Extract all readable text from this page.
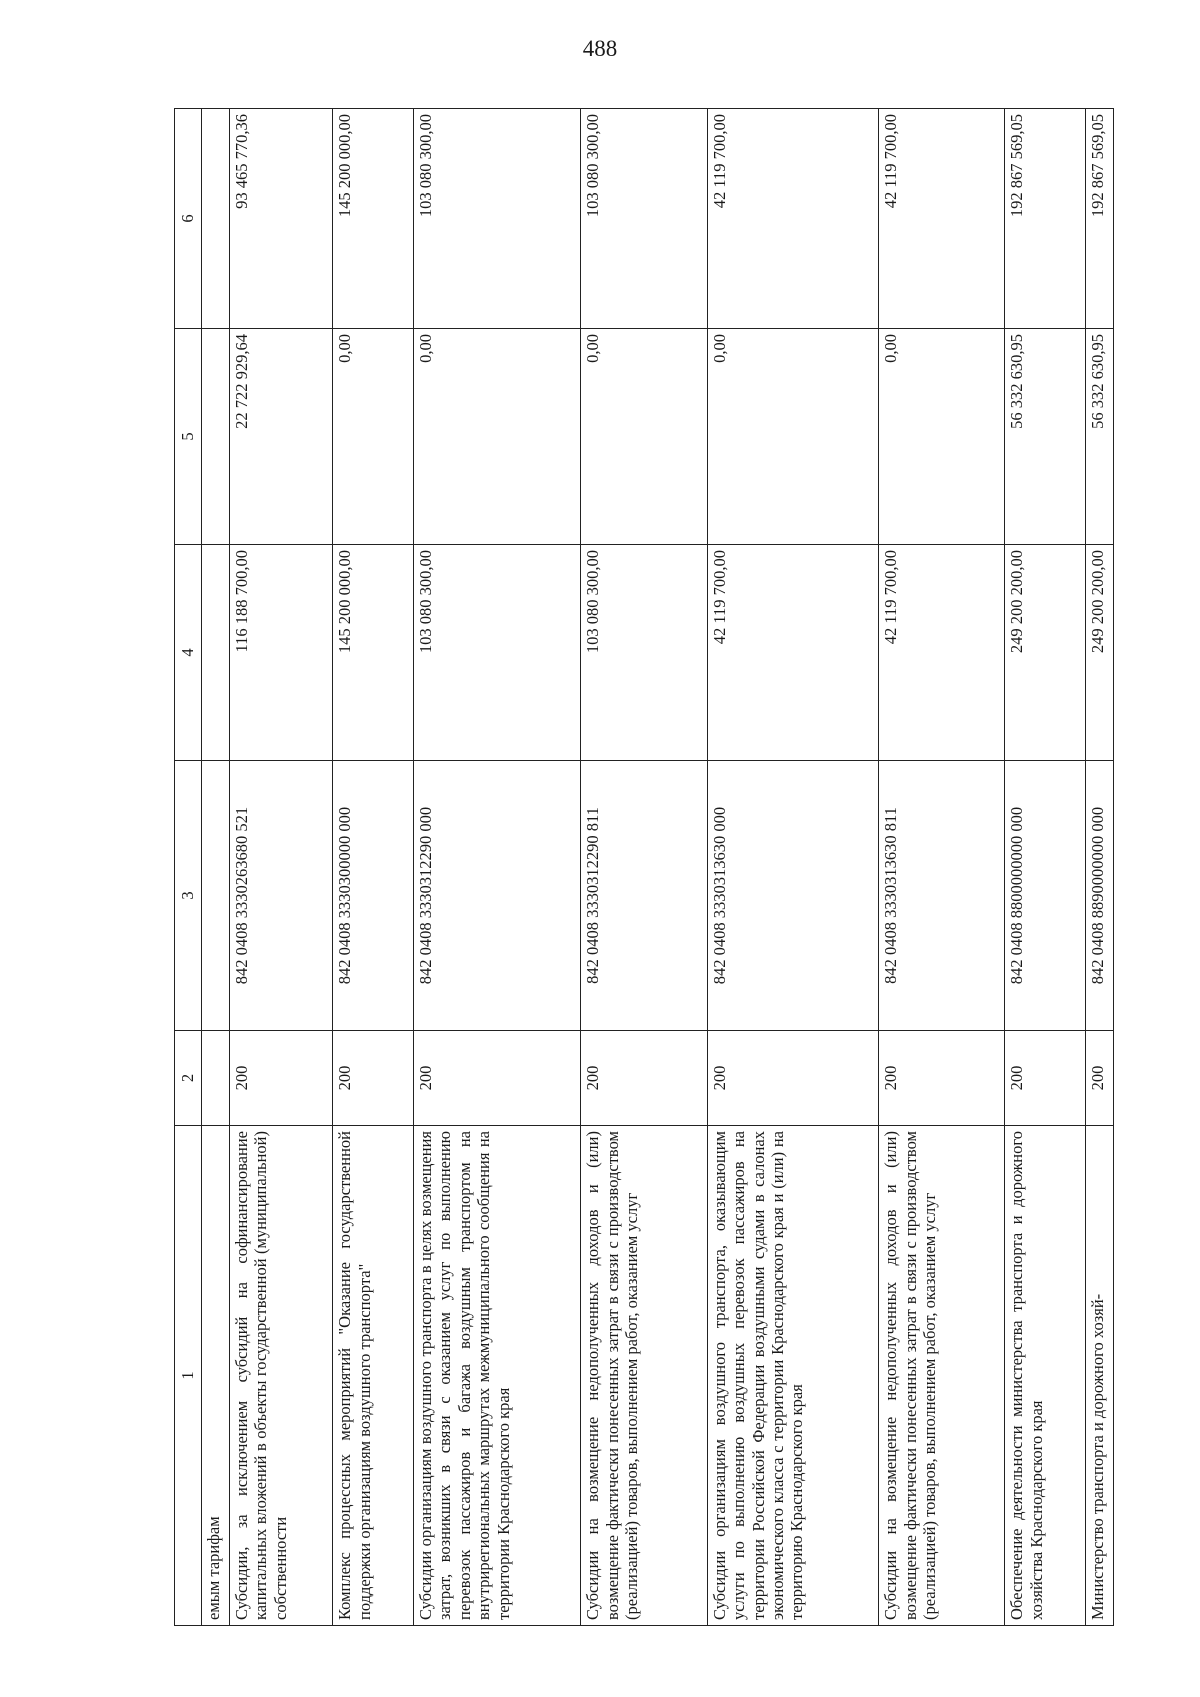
488
1	2	3	4	5	6
емым тарифам					
Субсидии, за исключением субсидий на софинансирование капитальных вложений в объекты государственной (муниципальной) собственности	200	842 0408 3330263680 521	116 188 700,00	22 722 929,64	93 465 770,36
Комплекс процессных мероприятий "Оказание государственной поддержки организациям воздушного транспорта"	200	842 0408 3330300000 000	145 200 000,00	0,00	145 200 000,00
Субсидии организациям воздушного транспорта в целях возмещения затрат, возникших в связи с оказанием услуг по выполнению перевозок пассажиров и багажа воздушным транспортом на внутрирегиональных маршрутах межмуниципального сообщения на территории Краснодарского края	200	842 0408 3330312290 000	103 080 300,00	0,00	103 080 300,00
Субсидии на возмещение недополученных доходов и (или) возмещение фактически понесенных затрат в связи с производством (реализацией) товаров, выполнением работ, оказанием услуг	200	842 0408 3330312290 811	103 080 300,00	0,00	103 080 300,00
Субсидии организациям воздушного транспорта, оказывающим услуги по выполнению воздушных перевозок пассажиров на территории Российской Федерации воздушными судами в салонах экономического класса с территории Краснодарского края и (или) на территорию Краснодарского края	200	842 0408 3330313630 000	42 119 700,00	0,00	42 119 700,00
Субсидии на возмещение недополученных доходов и (или) возмещение фактически понесенных затрат в связи с производством (реализацией) товаров, выполнением работ, оказанием услуг	200	842 0408 3330313630 811	42 119 700,00	0,00	42 119 700,00
Обеспечение деятельности министерства транспорта и дорожного хозяйства Краснодарского края	200	842 0408 8800000000 000	249 200 200,00	56 332 630,95	192 867 569,05
Министерство транспорта и дорожного хозяй-	200	842 0408 8890000000 000	249 200 200,00	56 332 630,95	192 867 569,05
